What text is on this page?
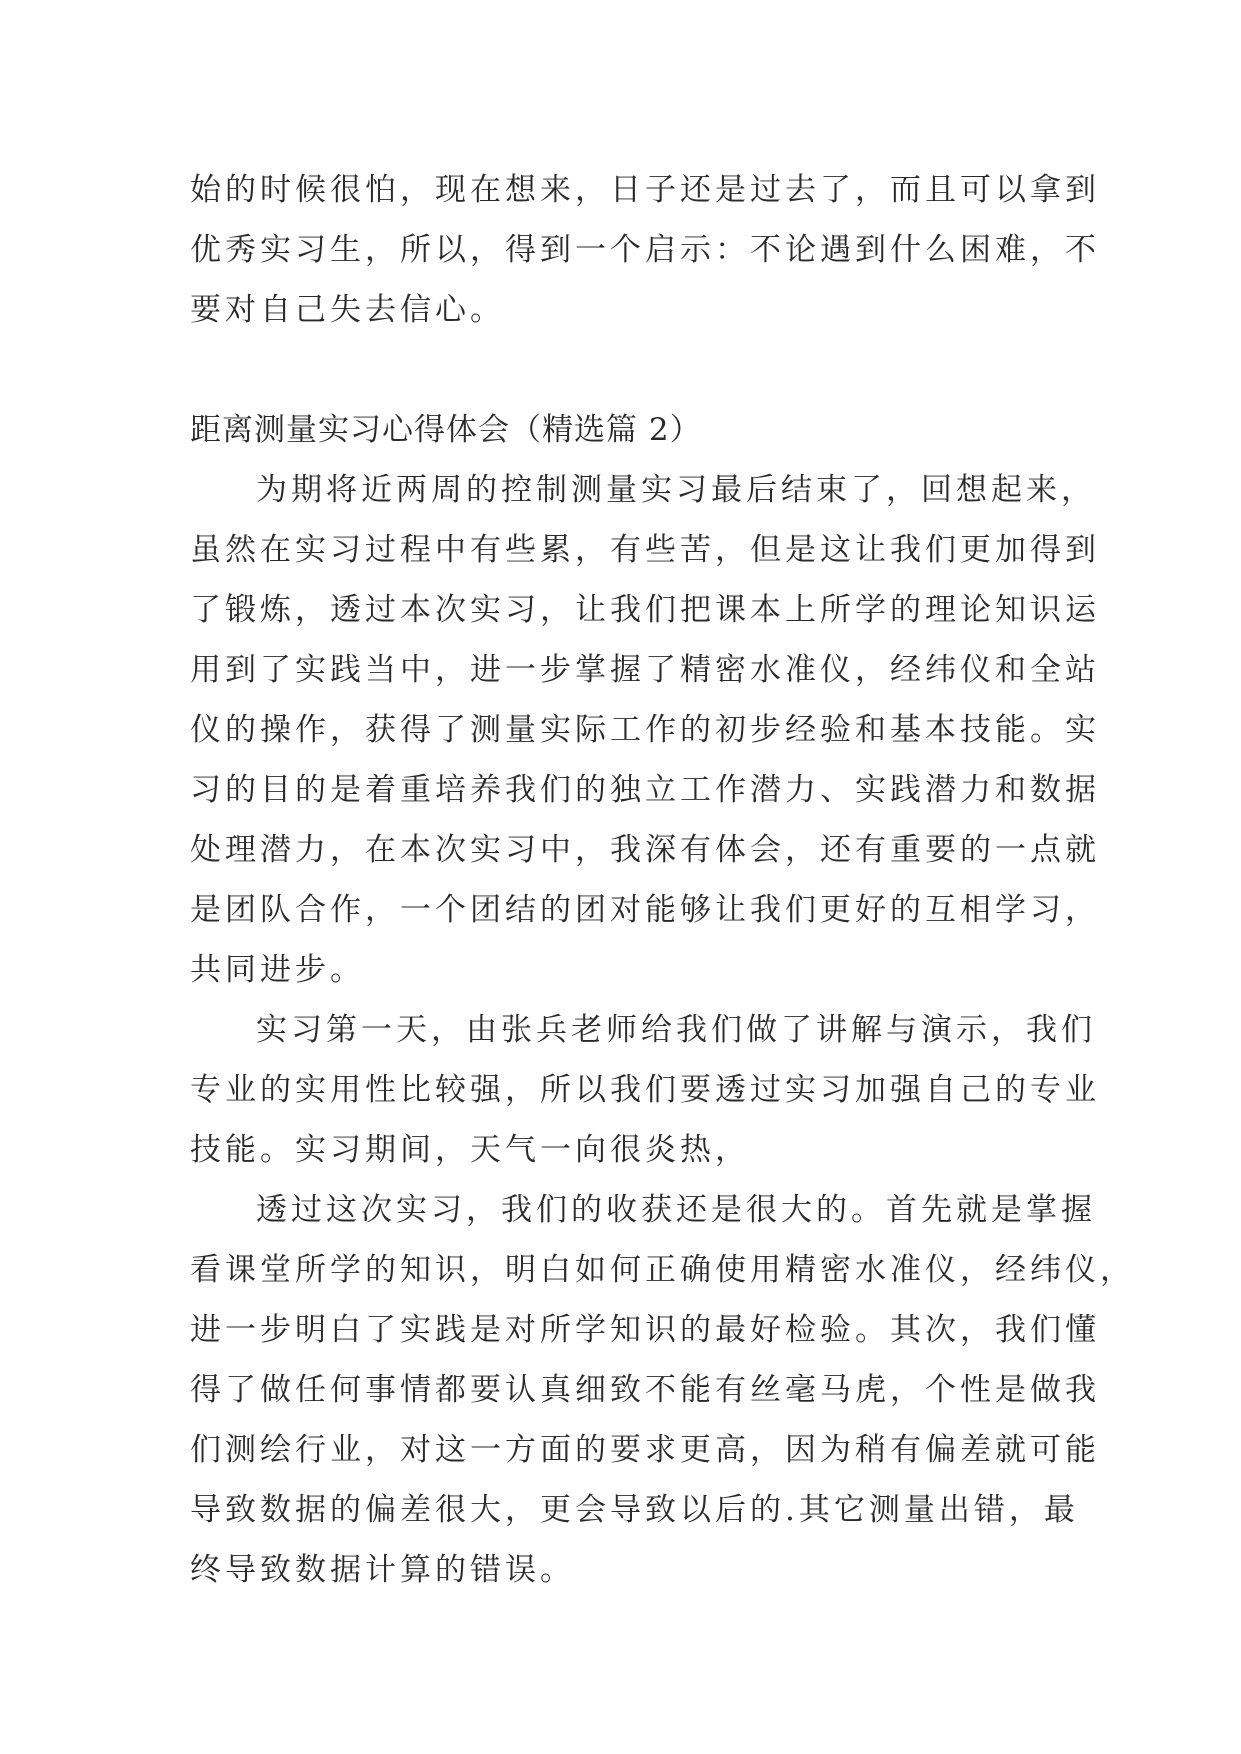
始的时候很怕，现在想来，日子还是过去了，而且可以拿到
优秀实习生，所以，得到一个启示：不论遇到什么困难，不
要对自己失去信心。
距离测量实习心得体会（精选篇 2）
为期将近两周的控制测量实习最后结束了，回想起来，
虽然在实习过程中有些累，有些苦，但是这让我们更加得到
了锻炼，透过本次实习，让我们把课本上所学的理论知识运
用到了实践当中，进一步掌握了精密水准仪，经纬仪和全站
仪的操作，获得了测量实际工作的初步经验和基本技能。实
习的目的是着重培养我们的独立工作潜力、实践潜力和数据
处理潜力，在本次实习中，我深有体会，还有重要的一点就
是团队合作，一个团结的团对能够让我们更好的互相学习，
共同进步。
实习第一天，由张兵老师给我们做了讲解与演示，我们
专业的实用性比较强，所以我们要透过实习加强自己的专业
技能。实习期间，天气一向很炎热，
透过这次实习，我们的收获还是很大的。首先就是掌握
看课堂所学的知识，明白如何正确使用精密水准仪，经纬仪，
进一步明白了实践是对所学知识的最好检验。其次，我们懂
得了做任何事情都要认真细致不能有丝毫马虎，个性是做我
们测绘行业，对这一方面的要求更高，因为稍有偏差就可能
导致数据的偏差很大，更会导致以后的.其它测量出错，最
终导致数据计算的错误。
